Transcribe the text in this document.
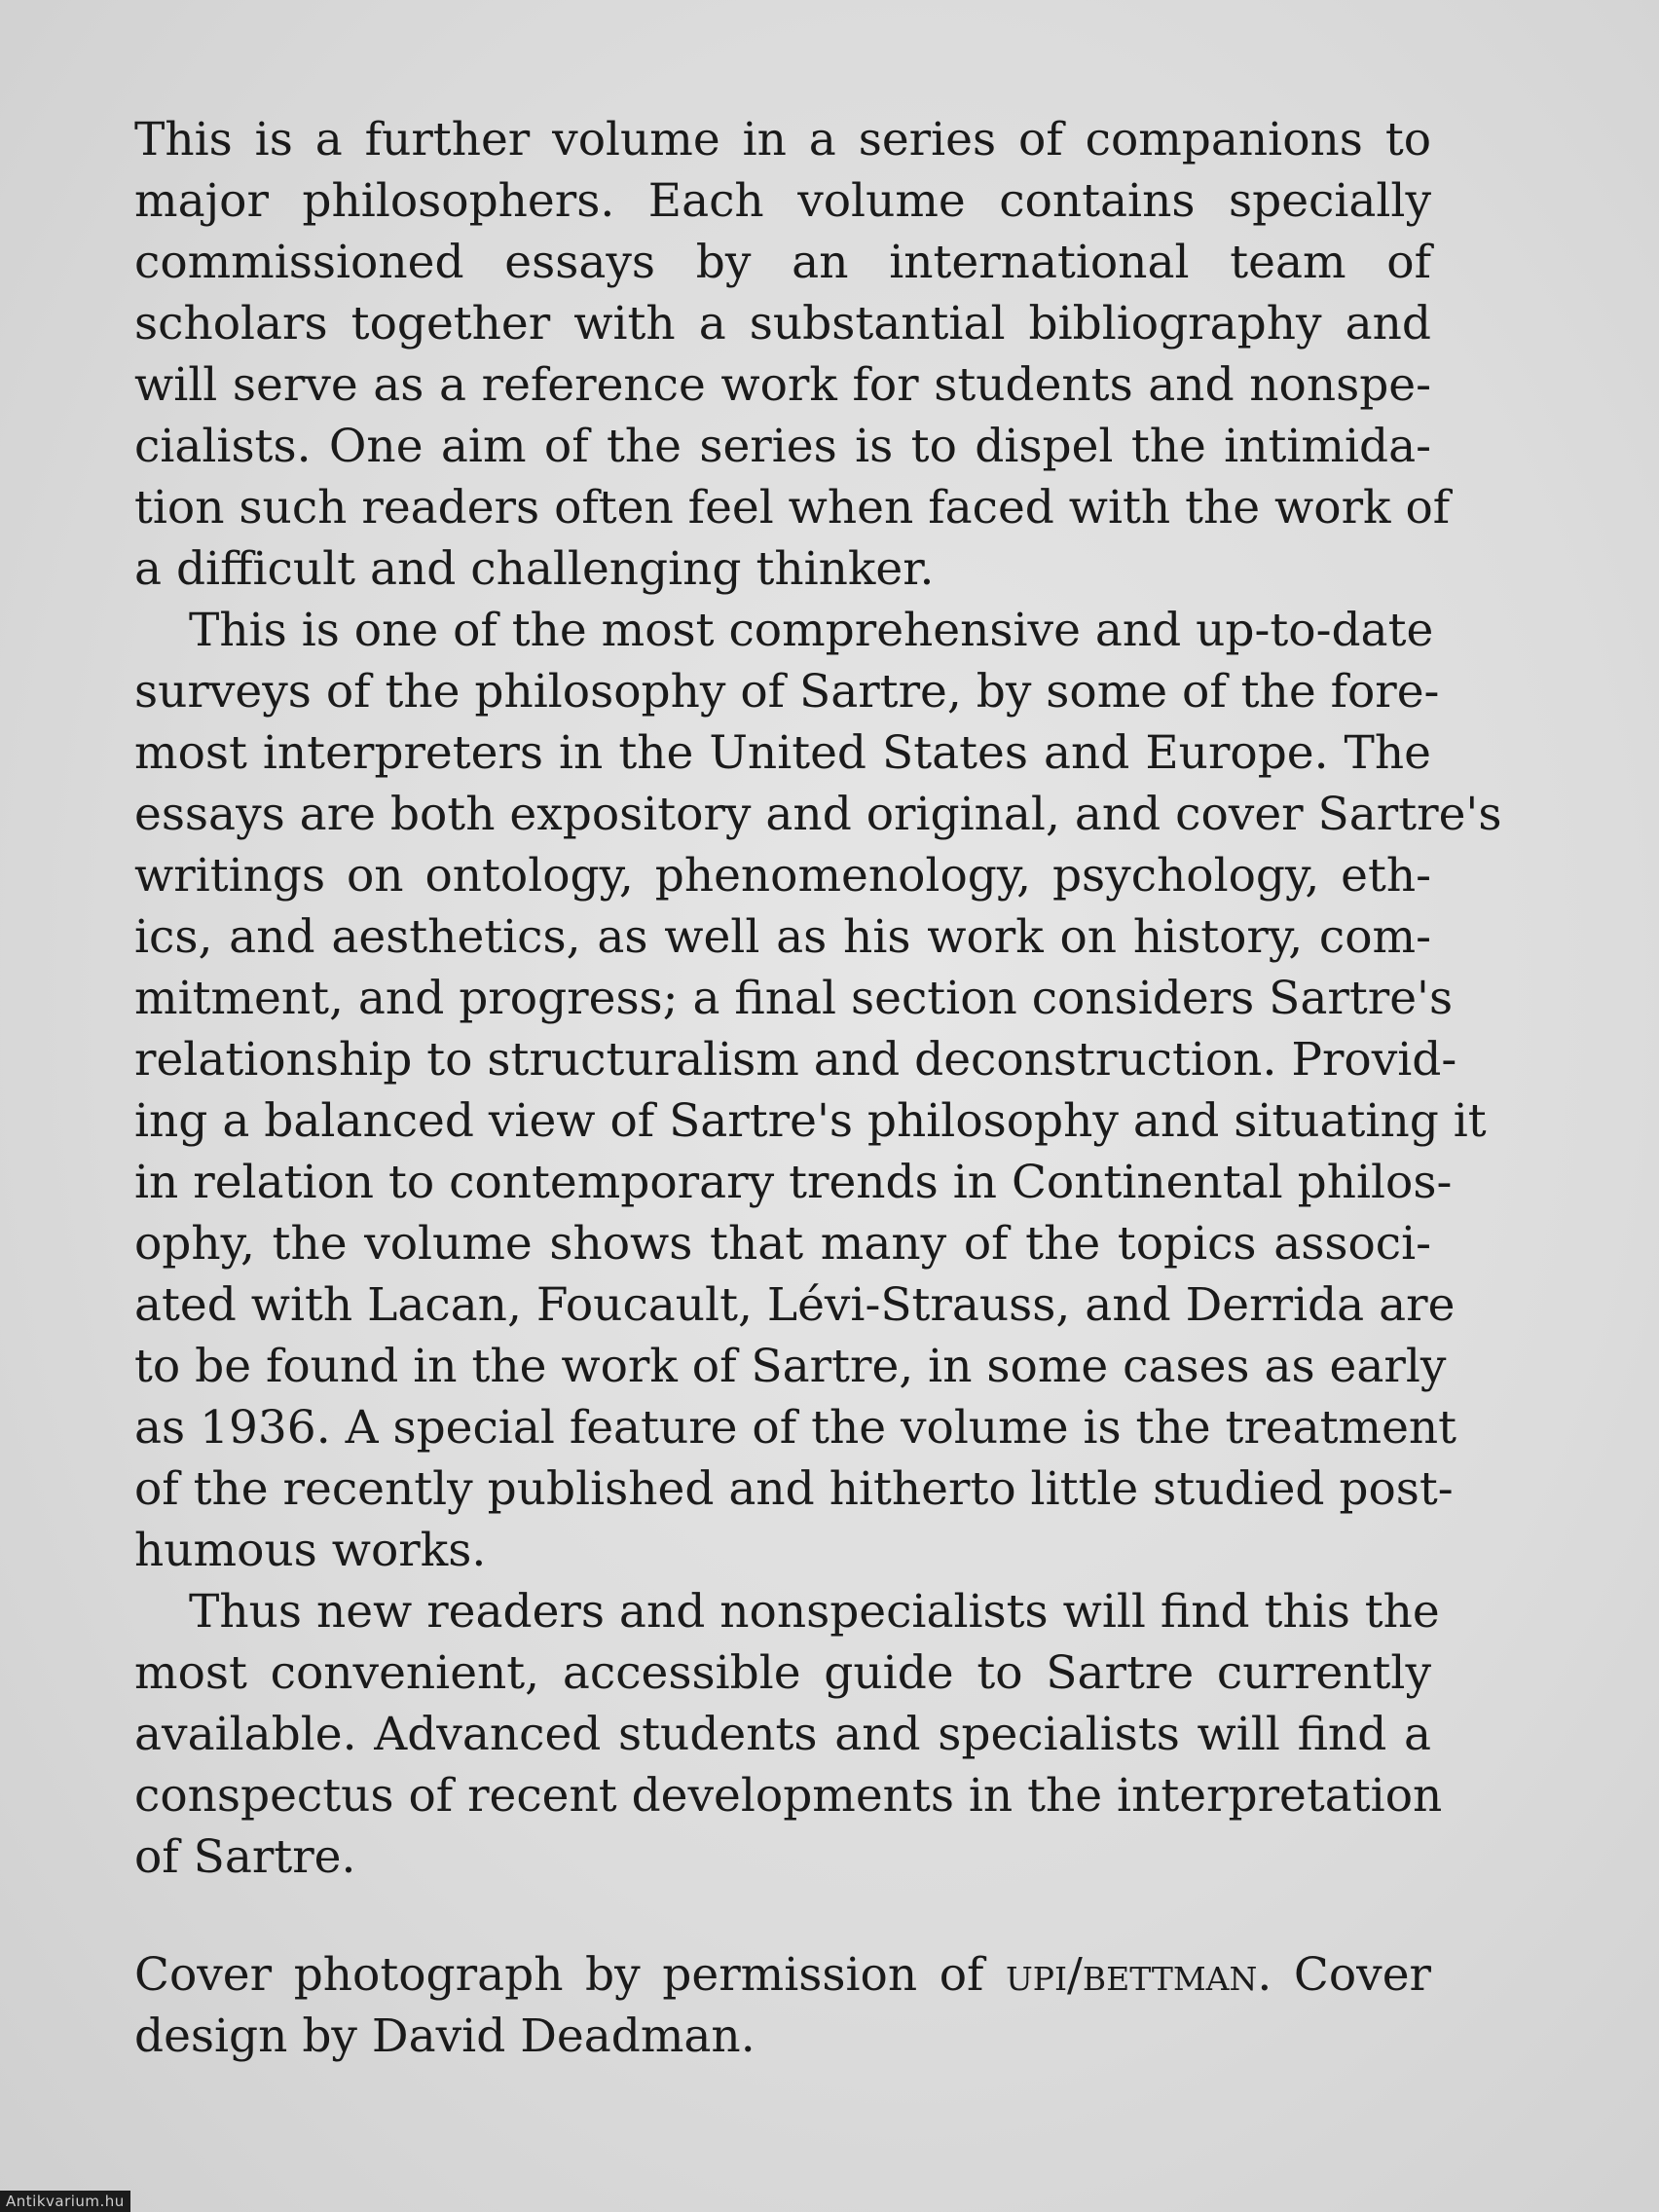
This is a further volume in a series of companions to
major philosophers. Each volume contains specially
commissioned essays by an international team of
scholars together with a substantial bibliography and
will serve as a reference work for students and nonspe-
cialists. One aim of the series is to dispel the intimida-
tion such readers often feel when faced with the work of
a difficult and challenging thinker.
This is one of the most comprehensive and up-to-date
surveys of the philosophy of Sartre, by some of the fore-
most interpreters in the United States and Europe. The
essays are both expository and original, and cover Sartre's
writings on ontology, phenomenology, psychology, eth-
ics, and aesthetics, as well as his work on history, com-
mitment, and progress; a final section considers Sartre's
relationship to structuralism and deconstruction. Provid-
ing a balanced view of Sartre's philosophy and situating it
in relation to contemporary trends in Continental philos-
ophy, the volume shows that many of the topics associ-
ated with Lacan, Foucault, Lévi-Strauss, and Derrida are
to be found in the work of Sartre, in some cases as early
as 1936. A special feature of the volume is the treatment
of the recently published and hitherto little studied post-
humous works.
Thus new readers and nonspecialists will find this the
most convenient, accessible guide to Sartre currently
available. Advanced students and specialists will find a
conspectus of recent developments in the interpretation
of Sartre.
Cover photograph by permission of upi/bettman. Cover
design by David Deadman.
Antikvarium.hu
